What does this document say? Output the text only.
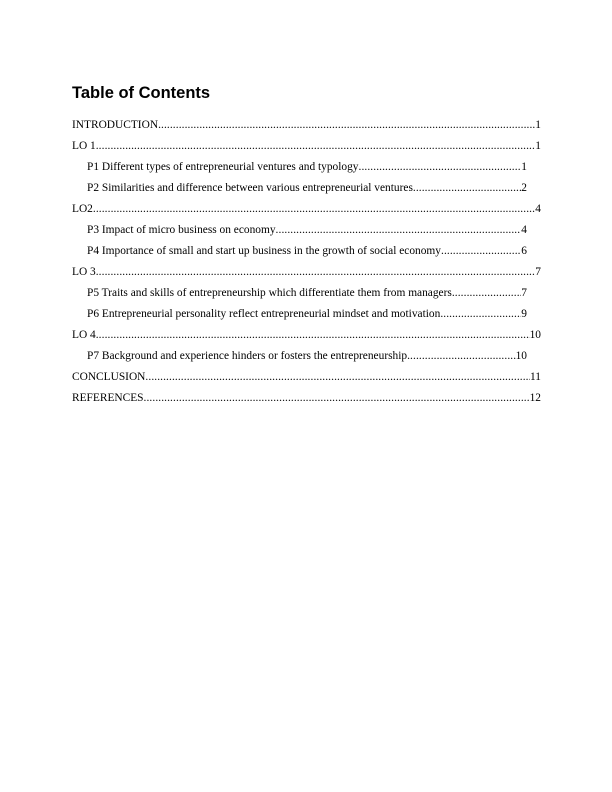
Table of Contents
INTRODUCTION .....	1
LO 1 .....	1
P1 Different types of entrepreneurial ventures and typology .....	1
P2 Similarities and difference between various entrepreneurial ventures .....	2
LO2 .....	4
P3 Impact of micro business on economy .....	4
P4 Importance of small and start up business in the growth of social economy .....	6
LO 3 .....	7
P5 Traits and skills of entrepreneurship which differentiate them from managers .....	7
P6 Entrepreneurial personality reflect entrepreneurial mindset and motivation .....	9
LO 4 .....	10
P7 Background and experience hinders or fosters the entrepreneurship .....	10
CONCLUSION .....	11
REFERENCES .....	12
